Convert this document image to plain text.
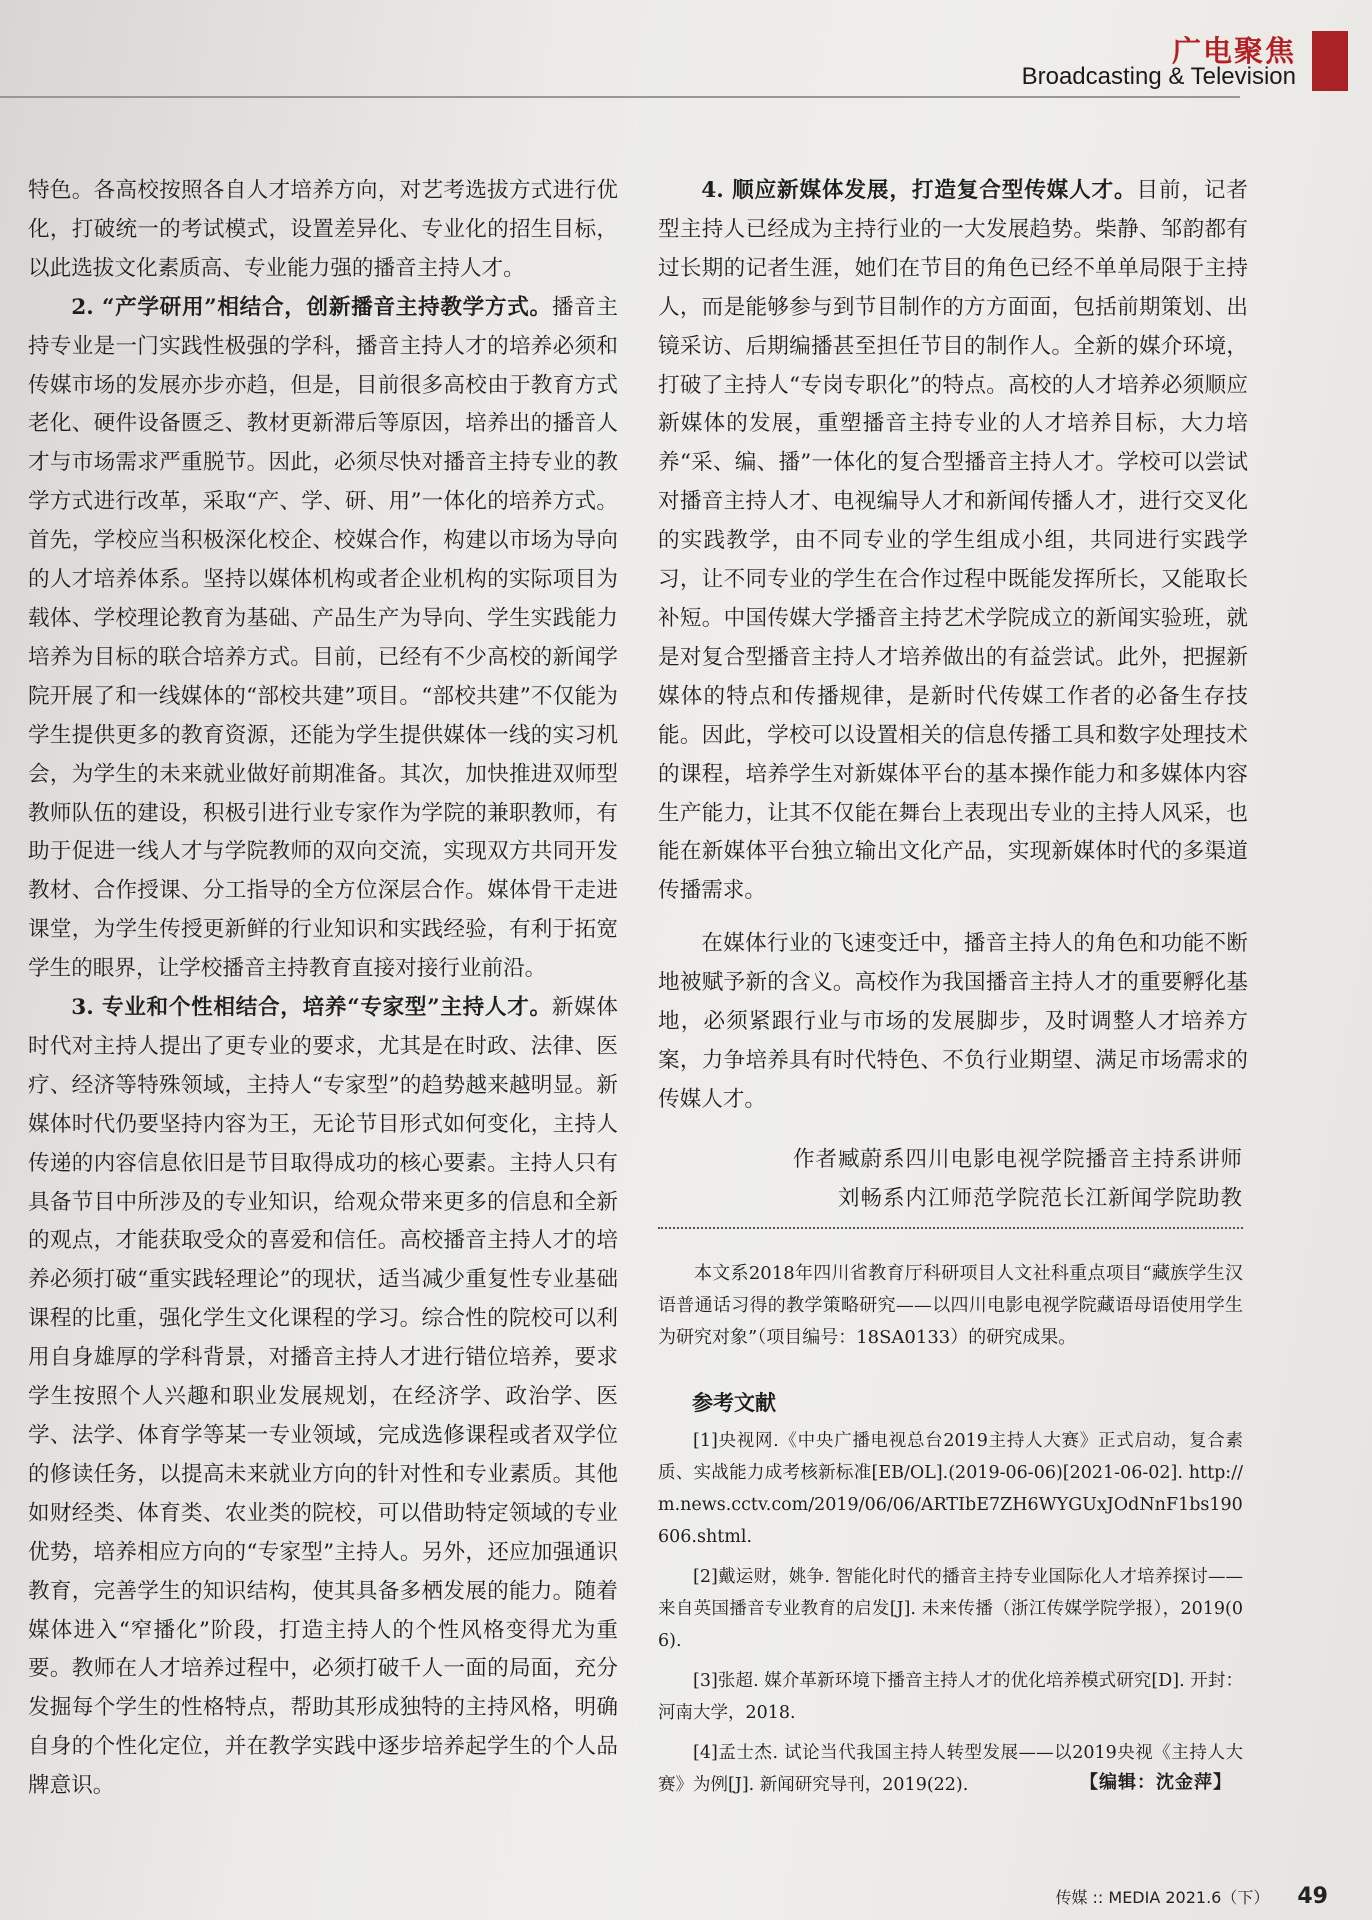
广电聚焦
Broadcasting & Television

特色。各高校按照各自人才培养方向，对艺考选拔方式进行优化，打破统一的考试模式，设置差异化、专业化的招生目标，以此选拔文化素质高、专业能力强的播音主持人才。

2. “产学研用”相结合，创新播音主持教学方式。播音主持专业是一门实践性极强的学科，播音主持人才的培养必须和传媒市场的发展亦步亦趋，但是，目前很多高校由于教育方式老化、硬件设备匮乏、教材更新滞后等原因，培养出的播音人才与市场需求严重脱节。因此，必须尽快对播音主持专业的教学方式进行改革，采取“产、学、研、用”一体化的培养方式。首先，学校应当积极深化校企、校媒合作，构建以市场为导向的人才培养体系。坚持以媒体机构或者企业机构的实际项目为载体、学校理论教育为基础、产品生产为导向、学生实践能力培养为目标的联合培养方式。目前，已经有不少高校的新闻学院开展了和一线媒体的“部校共建”项目。“部校共建”不仅能为学生提供更多的教育资源，还能为学生提供媒体一线的实习机会，为学生的未来就业做好前期准备。其次，加快推进双师型教师队伍的建设，积极引进行业专家作为学院的兼职教师，有助于促进一线人才与学院教师的双向交流，实现双方共同开发教材、合作授课、分工指导的全方位深层合作。媒体骨干走进课堂，为学生传授更新鲜的行业知识和实践经验，有利于拓宽学生的眼界，让学校播音主持教育直接对接行业前沿。

3. 专业和个性相结合，培养“专家型”主持人才。新媒体时代对主持人提出了更专业的要求，尤其是在时政、法律、医疗、经济等特殊领域，主持人“专家型”的趋势越来越明显。新媒体时代仍要坚持内容为王，无论节目形式如何变化，主持人传递的内容信息依旧是节目取得成功的核心要素。主持人只有具备节目中所涉及的专业知识，给观众带来更多的信息和全新的观点，才能获取受众的喜爱和信任。高校播音主持人才的培养必须打破“重实践轻理论”的现状，适当减少重复性专业基础课程的比重，强化学生文化课程的学习。综合性的院校可以利用自身雄厚的学科背景，对播音主持人才进行错位培养，要求学生按照个人兴趣和职业发展规划，在经济学、政治学、医学、法学、体育学等某一专业领域，完成选修课程或者双学位的修读任务，以提高未来就业方向的针对性和专业素质。其他如财经类、体育类、农业类的院校，可以借助特定领域的专业优势，培养相应方向的“专家型”主持人。另外，还应加强通识教育，完善学生的知识结构，使其具备多栖发展的能力。随着媒体进入“窄播化”阶段，打造主持人的个性风格变得尤为重要。教师在人才培养过程中，必须打破千人一面的局面，充分发掘每个学生的性格特点，帮助其形成独特的主持风格，明确自身的个性化定位，并在教学实践中逐步培养起学生的个人品牌意识。

4. 顺应新媒体发展，打造复合型传媒人才。目前，记者型主持人已经成为主持行业的一大发展趋势。柴静、邹韵都有过长期的记者生涯，她们在节目的角色已经不单单局限于主持人，而是能够参与到节目制作的方方面面，包括前期策划、出镜采访、后期编播甚至担任节目的制作人。全新的媒介环境，打破了主持人“专岗专职化”的特点。高校的人才培养必须顺应新媒体的发展，重塑播音主持专业的人才培养目标，大力培养“采、编、播”一体化的复合型播音主持人才。学校可以尝试对播音主持人才、电视编导人才和新闻传播人才，进行交叉化的实践教学，由不同专业的学生组成小组，共同进行实践学习，让不同专业的学生在合作过程中既能发挥所长，又能取长补短。中国传媒大学播音主持艺术学院成立的新闻实验班，就是对复合型播音主持人才培养做出的有益尝试。此外，把握新媒体的特点和传播规律，是新时代传媒工作者的必备生存技能。因此，学校可以设置相关的信息传播工具和数字处理技术的课程，培养学生对新媒体平台的基本操作能力和多媒体内容生产能力，让其不仅能在舞台上表现出专业的主持人风采，也能在新媒体平台独立输出文化产品，实现新媒体时代的多渠道传播需求。

在媒体行业的飞速变迁中，播音主持人的角色和功能不断地被赋予新的含义。高校作为我国播音主持人才的重要孵化基地，必须紧跟行业与市场的发展脚步，及时调整人才培养方案，力争培养具有时代特色、不负行业期望、满足市场需求的传媒人才。

作者臧蔚系四川电影电视学院播音主持系讲师
刘畅系内江师范学院范长江新闻学院助教
本文系2018年四川省教育厅科研项目人文社科重点项目“藏族学生汉语普通话习得的教学策略研究——以四川电影电视学院藏语母语使用学生为研究对象”（项目编号：18SA0133）的研究成果。
参考文献

[1]央视网.《中央广播电视总台2019主持人大赛》正式启动，复合素质、实战能力成考核新标准[EB/OL].(2019-06-06)[2021-06-02]. http://m.news.cctv.com/2019/06/06/ARTIbE7ZH6WYGUxJOdNnF1bs190606.shtml.

[2]戴运财，姚争. 智能化时代的播音主持专业国际化人才培养探讨——来自英国播音专业教育的启发[J]. 未来传播（浙江传媒学院学报），2019(06).

[3]张超. 媒介革新环境下播音主持人才的优化培养模式研究[D]. 开封：河南大学，2018.

[4]孟士杰. 试论当代我国主持人转型发展——以2019央视《主持人大赛》为例[J]. 新闻研究导刊，2019(22).	【编辑：沈金萍】
传媒 :: MEDIA 2021.6（下） 49
